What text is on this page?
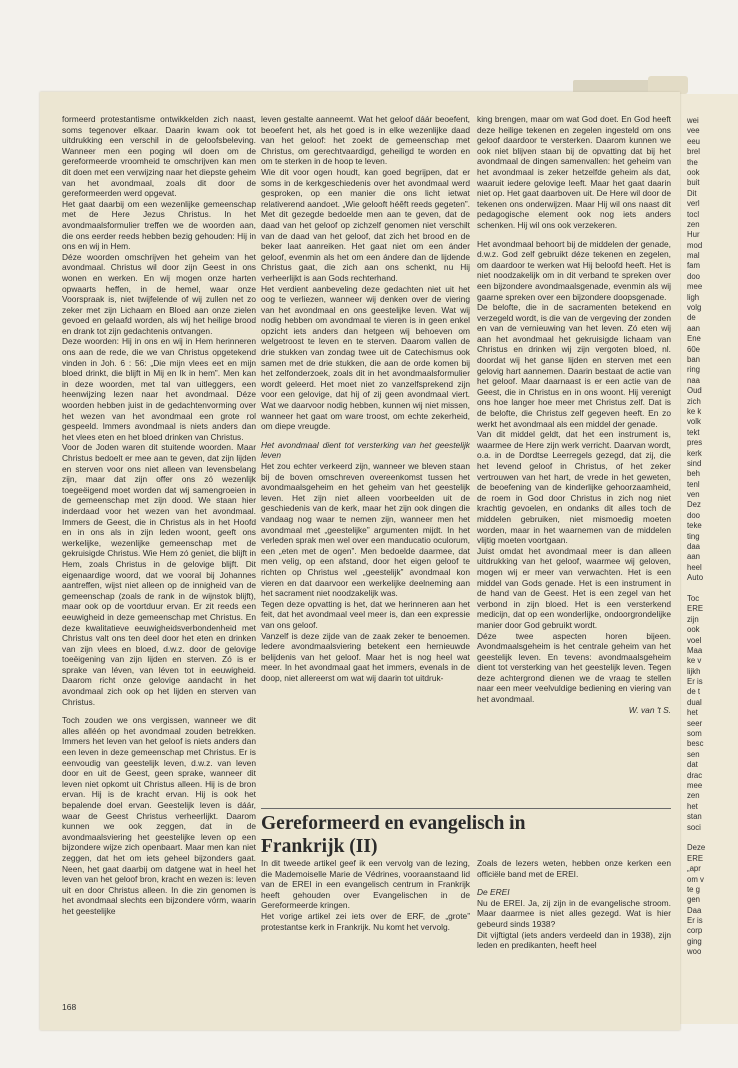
wei
vee
eeu
brel
the
ook
buit
Dit
verl
tocl
zen
Hur
mod
mal
fam
doo
mee
ligh
volg
de
aan
Ene
60e
ban
ring
naa
Oud
zich
ke k
volk
tekt
pres
kerk
sind
beh
tenl
ven
Dez
doo
teke
ting
daa
aan
heel
Auto
Toc
ERE
zijn
ook
voel
Maa
ke v
lijkh
Er is
de t
dual
het
seer
som
besc
sen
dat
drac
mee
zen
het
stan
soci
Deze
ERE
„apr
om v
te g
gen
Daa
Er is
corp
ging
woo

formeerd protestantisme ontwikkelden zich naast, soms tegenover elkaar. Daarin kwam ook tot uitdrukking een verschil in de geloofsbeleving. Wanneer men een poging wil doen om de gereformeerde vroomheid te omschrijven kan men dit doen met een verwijzing naar het diepste geheim van het avondmaal, zoals dit door de gereformeerden werd opgevat.

Het gaat daarbij om een wezenlijke gemeenschap met de Here Jezus Christus. In het avondmaalsformulier treffen we de woorden aan, die ons eerder reeds hebben bezig gehouden: Hij in ons en wij in Hem.

Déze woorden omschrijven het geheim van het avondmaal. Christus wil door zijn Geest in ons wonen en werken. En wij mogen onze harten opwaarts heffen, in de hemel, waar onze Voorspraak is, niet twijfelende of wij zullen net zo zeker met zijn Lichaam en Bloed aan onze zielen gevoed en gelaafd worden, als wij het heilige brood en drank tot zijn gedachtenis ontvangen.

Deze woorden: Hij in ons en wij in Hem herinneren ons aan de rede, die we van Christus opgetekend vinden in Joh. 6 : 56: „Die mijn vlees eet en mijn bloed drinkt, die blijft in Mij en Ik in hem”. Men kan in deze woorden, met tal van uitleggers, een heenwijzing lezen naar het avondmaal. Déze woorden hebben juist in de gedachtenvorming over het wezen van het avondmaal een grote rol gespeeld. Immers avondmaal is niets anders dan het vlees eten en het bloed drinken van Christus.

Voor de Joden waren dit stuitende woorden. Maar Christus bedoelt er mee aan te geven, dat zijn lijden en sterven voor ons niet alleen van levensbelang zijn, maar dat zijn offer ons zó wezenlijk toegeëigend moet worden dat wij samengroeien in de gemeenschap met zijn dood. We staan hier inderdaad voor het wezen van het avondmaal. Immers de Geest, die in Christus als in het Hoofd en in ons als in zijn leden woont, geeft ons werkelijke, wezenlijke gemeenschap met de gekruisigde Christus. Wie Hem zó geniet, die blijft in Hem, zoals Christus in de gelovige blijft. Dit eigenaardige woord, dat we vooral bij Johannes aantreffen, wijst niet alleen op de innigheid van de gemeenschap (zoals de rank in de wijnstok blijft), maar ook op de voortduur ervan. Er zit reeds een eeuwigheid in deze gemeenschap met Christus. En deze kwalitatieve eeuwigheidsverbondenheid met Christus valt ons ten deel door het eten en drinken van zijn vlees en bloed, d.w.z. door de gelovige toeëigening van zijn lijden en sterven. Zó is er sprake van léven, van léven tot in eeuwigheid. Daarom richt onze gelovige aandacht in het avondmaal zich ook op het lijden en sterven van Christus.

Toch zouden we ons vergissen, wanneer we dit alles alléén op het avondmaal zouden betrekken. Immers het leven van het geloof is niets anders dan een leven in deze gemeenschap met Christus. Er is eenvoudig van geestelijk leven, d.w.z. van leven door en uit de Geest, geen sprake, wanneer dit leven niet opkomt uit Christus alleen. Hij is de bron ervan. Hij is de kracht ervan. Hij is ook het bepalende doel ervan. Geestelijk leven is dáár, waar de Geest Christus verheerlijkt. Daarom kunnen we ook zeggen, dat in de avondmaalsviering het geestelijke leven op een bijzondere wijze zich openbaart. Maar men kan niet zeggen, dat het om iets geheel bijzonders gaat. Neen, het gaat daarbij om datgene wat in heel het leven van het geloof bron, kracht en wezen is: leven uit en door Christus alleen. In die zin genomen is het avondmaal slechts een bijzondere vórm, waarin het geestelijke

leven gestalte aanneemt. Wat het geloof dáár beoefent, beoefent het, als het goed is in elke wezenlijke daad van het geloof: het zoekt de gemeenschap met Christus, om gerechtvaardigd, geheiligd te worden en om te sterken in de hoop te leven.

Wie dit voor ogen houdt, kan goed begrijpen, dat er soms in de kerkgeschiedenis over het avondmaal werd gesproken, op een manier die ons licht ietwat relativerend aandoet. „Wie gelooft héêft reeds gegeten”. Met dit gezegde bedoelde men aan te geven, dat de daad van het geloof op zichzelf genomen niet verschilt van de daad van het geloof, dat zich het brood en de beker laat aanreiken. Het gaat niet om een ánder geloof, evenmin als het om een ándere dan de lijdende Christus gaat, die zich aan ons schenkt, nu Hij verheerlijkt is aan Gods rechterhand.

Het verdient aanbeveling deze gedachten niet uit het oog te verliezen, wanneer wij denken over de viering van het avondmaal en ons geestelijke leven. Wat wij nodig hebben om avondmaal te vieren is in geen enkel opzicht iets anders dan hetgeen wij behoeven om welgetroost te leven en te sterven. Daarom vallen de drie stukken van zondag twee uit de Catechismus ook samen met de drie stukken, die aan de orde komen bij het zelfonderzoek, zoals dit in het avondmaalsformulier wordt geleerd. Het moet niet zo vanzelfsprekend zijn voor een gelovige, dat hij of zij geen avondmaal viert. Wat we daarvoor nodig hebben, kunnen wij niet missen, wanneer het gaat om ware troost, om echte zekerheid, om diepe vreugde.

Het avondmaal dient tot versterking van het geestelijk leven

Het zou echter verkeerd zijn, wanneer we bleven staan bij de boven omschreven overeenkomst tussen het avondmaalsgeheim en het geheim van het geestelijk leven. Het zijn niet alleen voorbeelden uit de geschiedenis van de kerk, maar het zijn ook dingen die vandaag nog waar te nemen zijn, wanneer men het avondmaal met „geestelijke” argumenten mijdt. In het verleden sprak men wel over een manducatio oculorum, een „eten met de ogen”. Men bedoelde daarmee, dat men velig, op een afstand, door het eigen geloof te richten op Christus wel „geestelijk” avondmaal kon vieren en dat daarvoor een werkelijke deelneming aan het sacrament niet noodzakelijk was.

Tegen deze opvatting is het, dat we herinneren aan het feit, dat het avondmaal veel meer is, dan een expressie van ons geloof.

Vanzelf is deze zijde van de zaak zeker te benoemen. Iedere avondmaalsviering betekent een hernieuwde belijdenis van het geloof. Maar het is nog heel wat meer. In het avondmaal gaat het immers, evenals in de doop, niet allereerst om wat wij daarin tot uitdruk-

king brengen, maar om wat God doet. En God heeft deze heilige tekenen en zegelen ingesteld om ons geloof daardoor te versterken. Daarom kunnen we ook niet blijven staan bij de opvatting dat bij het avondmaal de dingen samenvallen: het geheim van het avondmaal is zeker hetzelfde geheim als dat, waaruit iedere gelovige leeft. Maar het gaat daarin niet op. Het gaat daarboven uit. De Here wil door de tekenen ons onderwijzen. Maar Hij wil ons naast dit pedagogische element ook nog iets anders schenken. Hij wil ons ook verzekeren.

Het avondmaal behoort bij de middelen der genade, d.w.z. God zelf gebruikt déze tekenen en zegelen, om daardoor te werken wat Hij beloofd heeft. Het is niet noodzakelijk om in dit verband te spreken over een bijzondere avondmaalsgenade, evenmin als wij gaarne spreken over een bijzondere doopsgenade.

De belofte, die in de sacramenten betekend en verzegeld wordt, is die van de vergeving der zonden en van de vernieuwing van het leven. Zó eten wij aan het avondmaal het gekruisigde lichaam van Christus en drinken wij zijn vergoten bloed, nl. doordat wij het ganse lijden en sterven met een gelovig hart aannemen. Daarin bestaat de actie van het geloof. Maar daarnaast is er een actie van de Geest, die in Christus en in ons woont. Hij verenigt ons hoe langer hoe meer met Christus zelf. Dat is de belofte, die Christus zelf gegeven heeft. En zo werkt het avondmaal als een middel der genade.

Van dit middel geldt, dat het een instrument is, waarmee de Here zijn werk verricht. Daarvan wordt, o.a. in de Dordtse Leerregels gezegd, dat zij, die het levend geloof in Christus, of het zeker vertrouwen van het hart, de vrede in het geweten, de beoefening van de kinderlijke gehoorzaamheid, de roem in God door Christus in zich nog niet krachtig gevoelen, en ondanks dit alles toch de middelen gebruiken, niet mismoedig moeten worden, maar in het waarnemen van de middelen vlijtig moeten voortgaan.

Juist omdat het avondmaal meer is dan alleen uitdrukking van het geloof, waarmee wij geloven, mogen wij er meer van verwachten. Het is een middel van Gods genade. Het is een instrument in de hand van de Geest. Het is een zegel van het verbond in zijn bloed. Het is een versterkend medicijn, dat op een wonderlijke, ondoorgrondelijke manier door God gebruikt wordt.

Déze twee aspecten horen bijeen. Avondmaalsgeheim is het centrale geheim van het geestelijk leven. En tevens: avondmaalsgeheim dient tot versterking van het geestelijk leven. Tegen deze achtergrond dienen we de vraag te stellen naar een meer veelvuldige bediening en viering van het avondmaal.

W. van 't S.

Gereformeerd en evangelisch in
Frankrijk (II)

In dit tweede artikel geef ik een vervolg van de lezing, die Mademoiselle Marie de Védrines, vooraanstaand lid van de EREI in een evangelisch centrum in Frankrijk heeft gehouden over Evangelischen in de Gereformeerde kringen.

Het vorige artikel zei iets over de ERF, de „grote” protestantse kerk in Frankrijk. Nu komt het vervolg.

Zoals de lezers weten, hebben onze kerken een officiële band met de EREI.

De EREI

Nu de EREI. Ja, zij zijn in de evangelische stroom. Maar daarmee is niet alles gezegd. Wat is hier gebeurd sinds 1938?

Dit vijftigtal (iets anders verdeeld dan in 1938), zijn leden en predikanten, heeft heel

168
